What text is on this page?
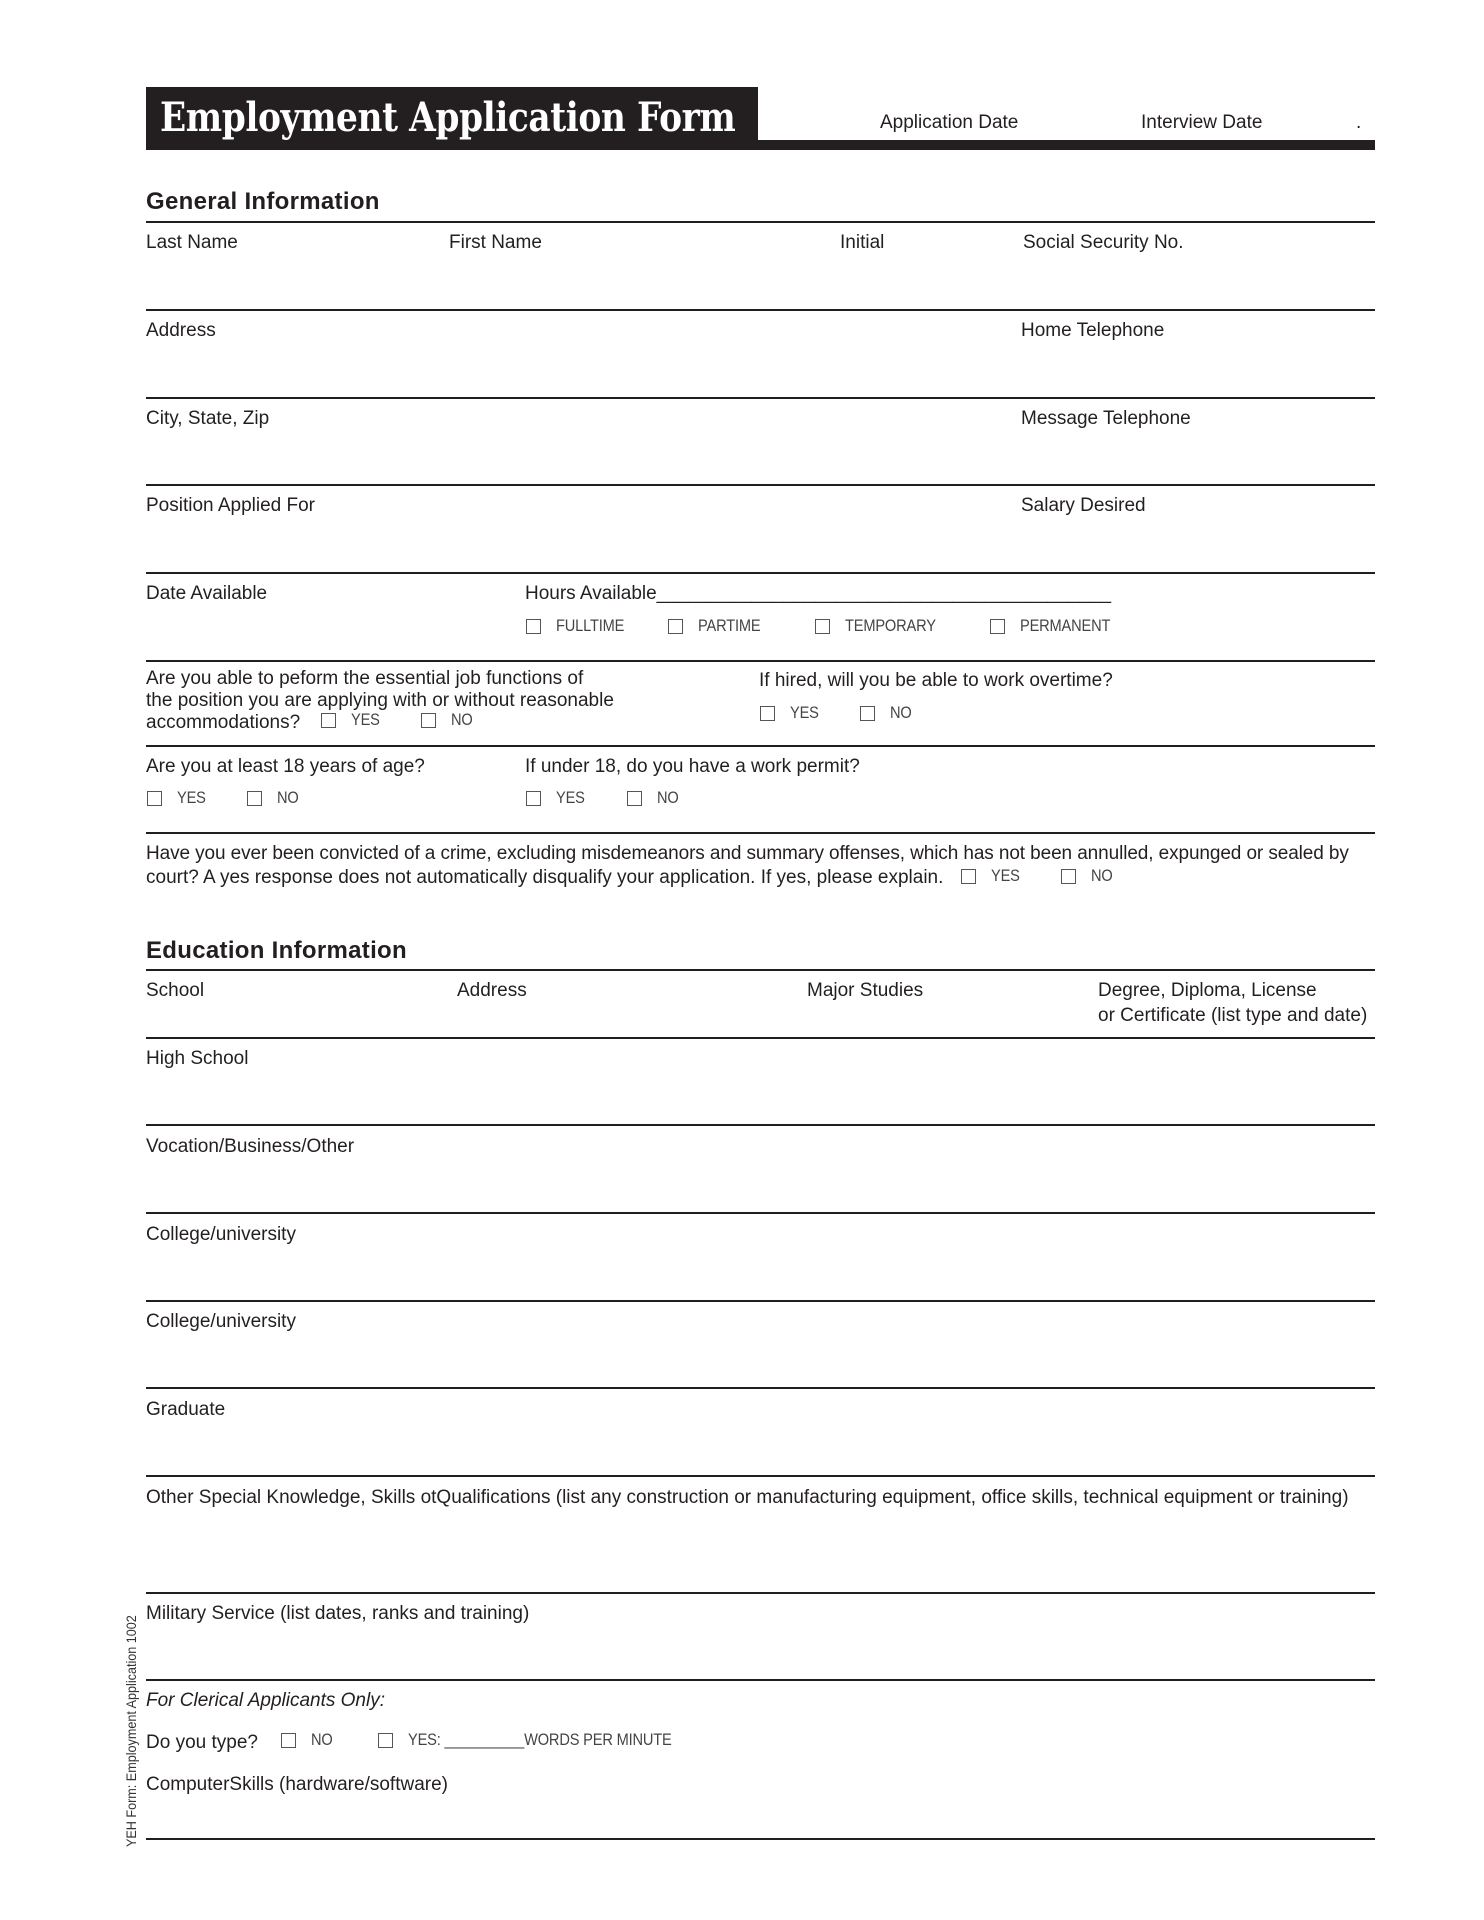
Employment Application Form	Application Date	Interview Date	.
General Information
Last Name	First Name	Initial	Social Security No.
Address	Home Telephone
City, State, Zip	Message Telephone
Position Applied For	Salary Desired
Date Available	Hours Available___________________________________________
FULLTIME	PARTIME	TEMPORARY	PERMANENT
Are you able to peform the essential job functions of
the position you are applying with or without reasonable
accommodations?	YES	NO
If hired, will you be able to work overtime?
YES	NO
Are you at least 18 years of age?
YES	NO
If under 18, do you have a work permit?
YES	NO
Have you ever been convicted of a crime, excluding misdemeanors and summary offenses, which has not been annulled, expunged or sealed by
court? A yes response does not automatically disqualify your application. If yes, please explain.	YES	NO
Education Information
School	Address	Major Studies	Degree, Diploma, License
or Certificate (list type and date)
High School
Vocation/Business/Other
College/university
College/university
Graduate
Other Special Knowledge, Skills otQualifications (list any construction or manufacturing equipment, office skills, technical equipment or training)
Military Service (list dates, ranks and training)
For Clerical Applicants Only:
Do you type?	NO	YES: __________WORDS PER MINUTE
ComputerSkills (hardware/software)
YEH Form: Employment Application 1002
